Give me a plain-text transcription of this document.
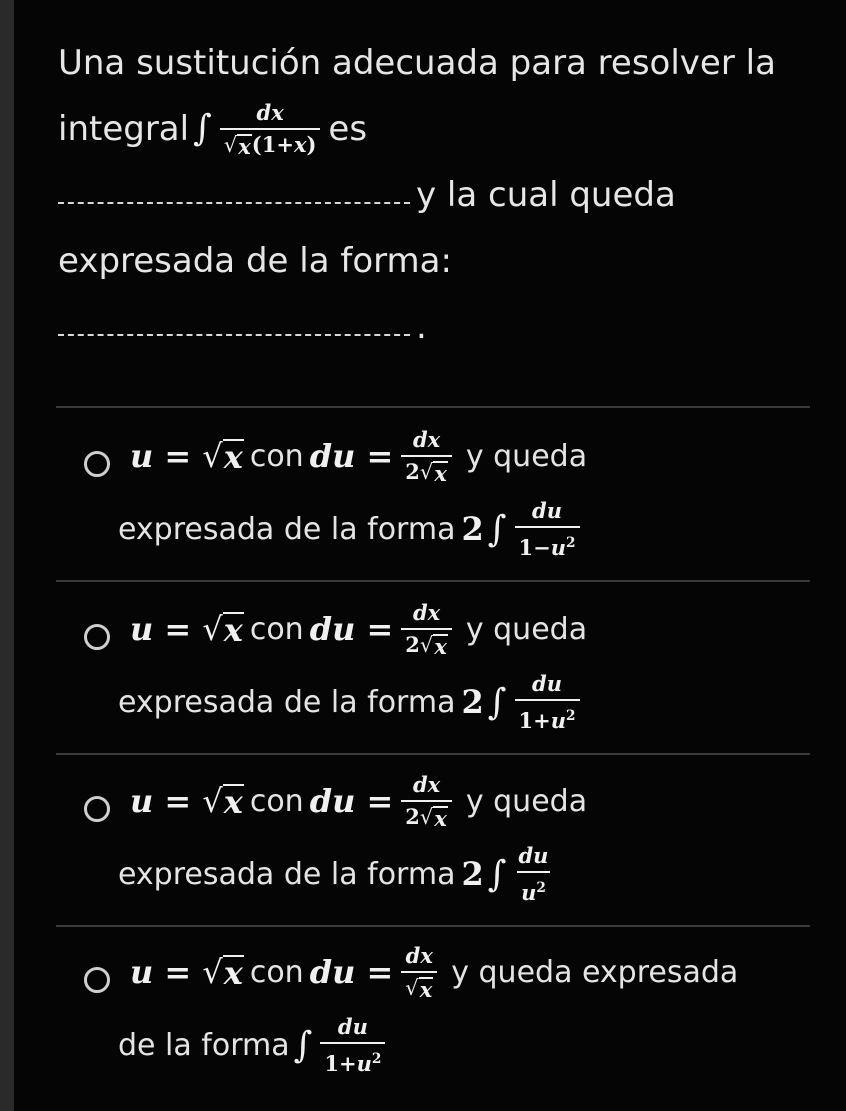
Una sustitución adecuada para resolver la
integral ∫ $\frac{dx}{√ x (1+x)}$ es
y la cual queda
expresada de la forma:
.
u = √ x con du = $\frac{dx}{2 √ x}$ y queda
expresada de la forma 2 ∫ $\frac{du}{1-u^2}$
u = √ x con du = $\frac{dx}{2 √ x}$ y queda
expresada de la forma 2 ∫ $\frac{du}{1+u^2}$
u = √ x con du = $\frac{dx}{2 √ x}$ y queda
expresada de la forma 2 ∫ $\frac{du}{u^2}$
u = √ x con du = $\frac{dx}{√ x}$ y queda expresada
de la forma ∫ $\frac{du}{1+u^2}$
